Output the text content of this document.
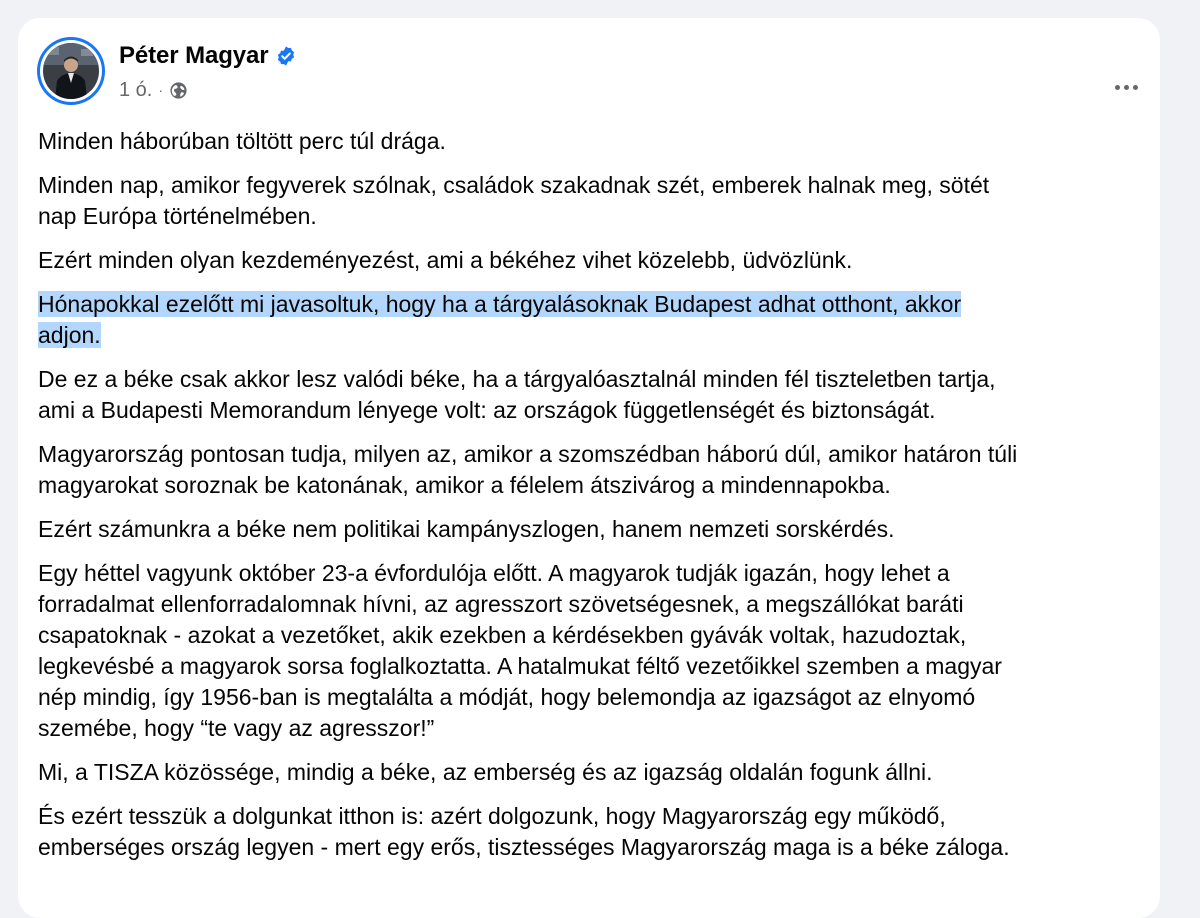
Péter Magyar
1 ó. ·

Minden háborúban töltött perc túl drága.

Minden nap, amikor fegyverek szólnak, családok szakadnak szét, emberek halnak meg, sötét
nap Európa történelmében.

Ezért minden olyan kezdeményezést, ami a békéhez vihet közelebb, üdvözlünk.

Hónapokkal ezelőtt mi javasoltuk, hogy ha a tárgyalásoknak Budapest adhat otthont, akkor
adjon.

De ez a béke csak akkor lesz valódi béke, ha a tárgyalóasztalnál minden fél tiszteletben tartja,
ami a Budapesti Memorandum lényege volt: az országok függetlenségét és biztonságát.

Magyarország pontosan tudja, milyen az, amikor a szomszédban háború dúl, amikor határon túli
magyarokat soroznak be katonának, amikor a félelem átszivárog a mindennapokba.

Ezért számunkra a béke nem politikai kampányszlogen, hanem nemzeti sorskérdés.

Egy héttel vagyunk október 23-a évfordulója előtt. A magyarok tudják igazán, hogy lehet a
forradalmat ellenforradalomnak hívni, az agresszort szövetségesnek, a megszállókat baráti
csapatoknak - azokat a vezetőket, akik ezekben a kérdésekben gyávák voltak, hazudoztak,
legkevésbé a magyarok sorsa foglalkoztatta. A hatalmukat féltő vezetőikkel szemben a magyar
nép mindig, így 1956-ban is megtalálta a módját, hogy belemondja az igazságot az elnyomó
szemébe, hogy “te vagy az agresszor!”

Mi, a TISZA közössége, mindig a béke, az emberség és az igazság oldalán fogunk állni.

És ezért tesszük a dolgunkat itthon is: azért dolgozunk, hogy Magyarország egy működő,
emberséges ország legyen - mert egy erős, tisztességes Magyarország maga is a béke záloga.
